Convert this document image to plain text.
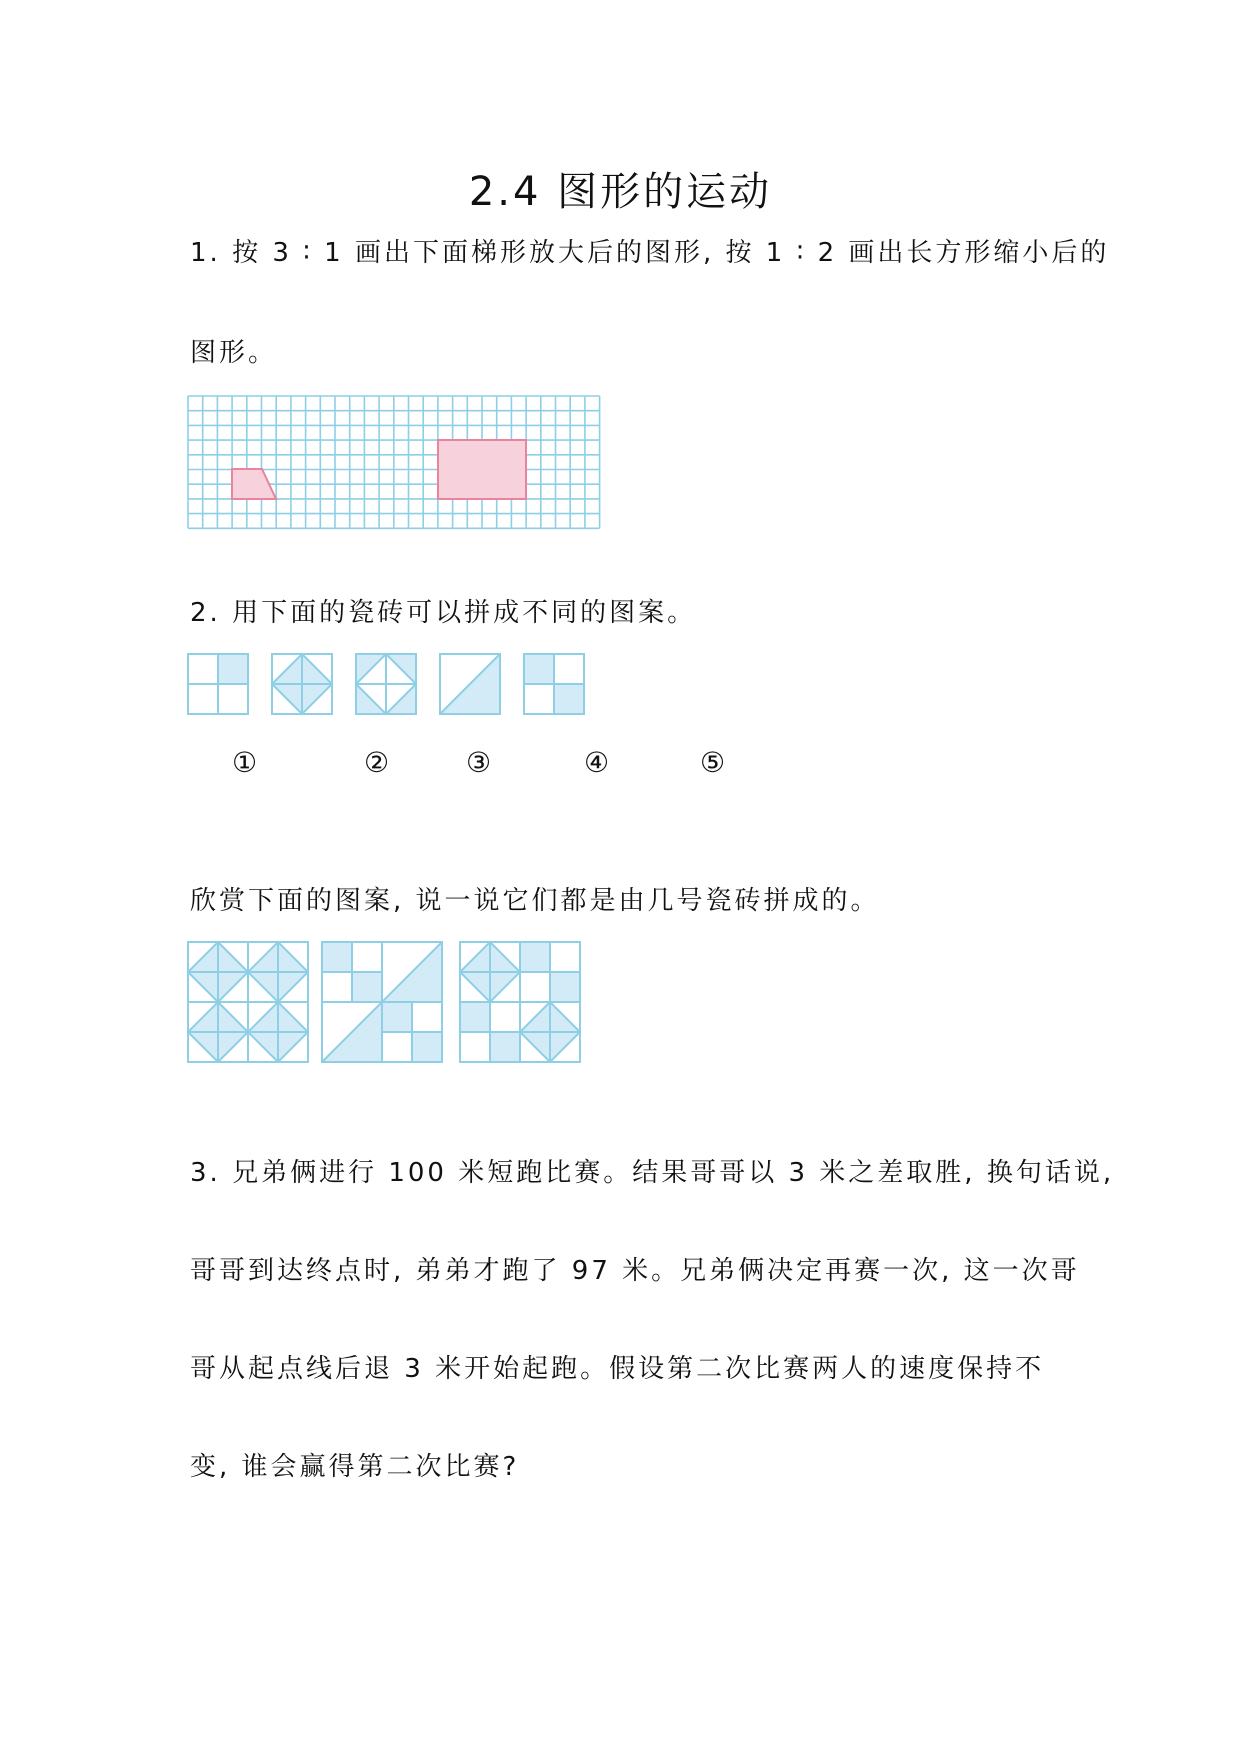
2.4 图形的运动

1. 按 3 ∶ 1 画出下面梯形放大后的图形, 按 1 ∶ 2 画出长方形缩小后的

图形。

2. 用下面的瓷砖可以拼成不同的图案。

①	②	③	④	⑤

欣赏下面的图案, 说一说它们都是由几号瓷砖拼成的。

3. 兄弟俩进行 100 米短跑比赛。结果哥哥以 3 米之差取胜, 换句话说,

哥哥到达终点时, 弟弟才跑了 97 米。兄弟俩决定再赛一次, 这一次哥

哥从起点线后退 3 米开始起跑。假设第二次比赛两人的速度保持不

变, 谁会赢得第二次比赛?
